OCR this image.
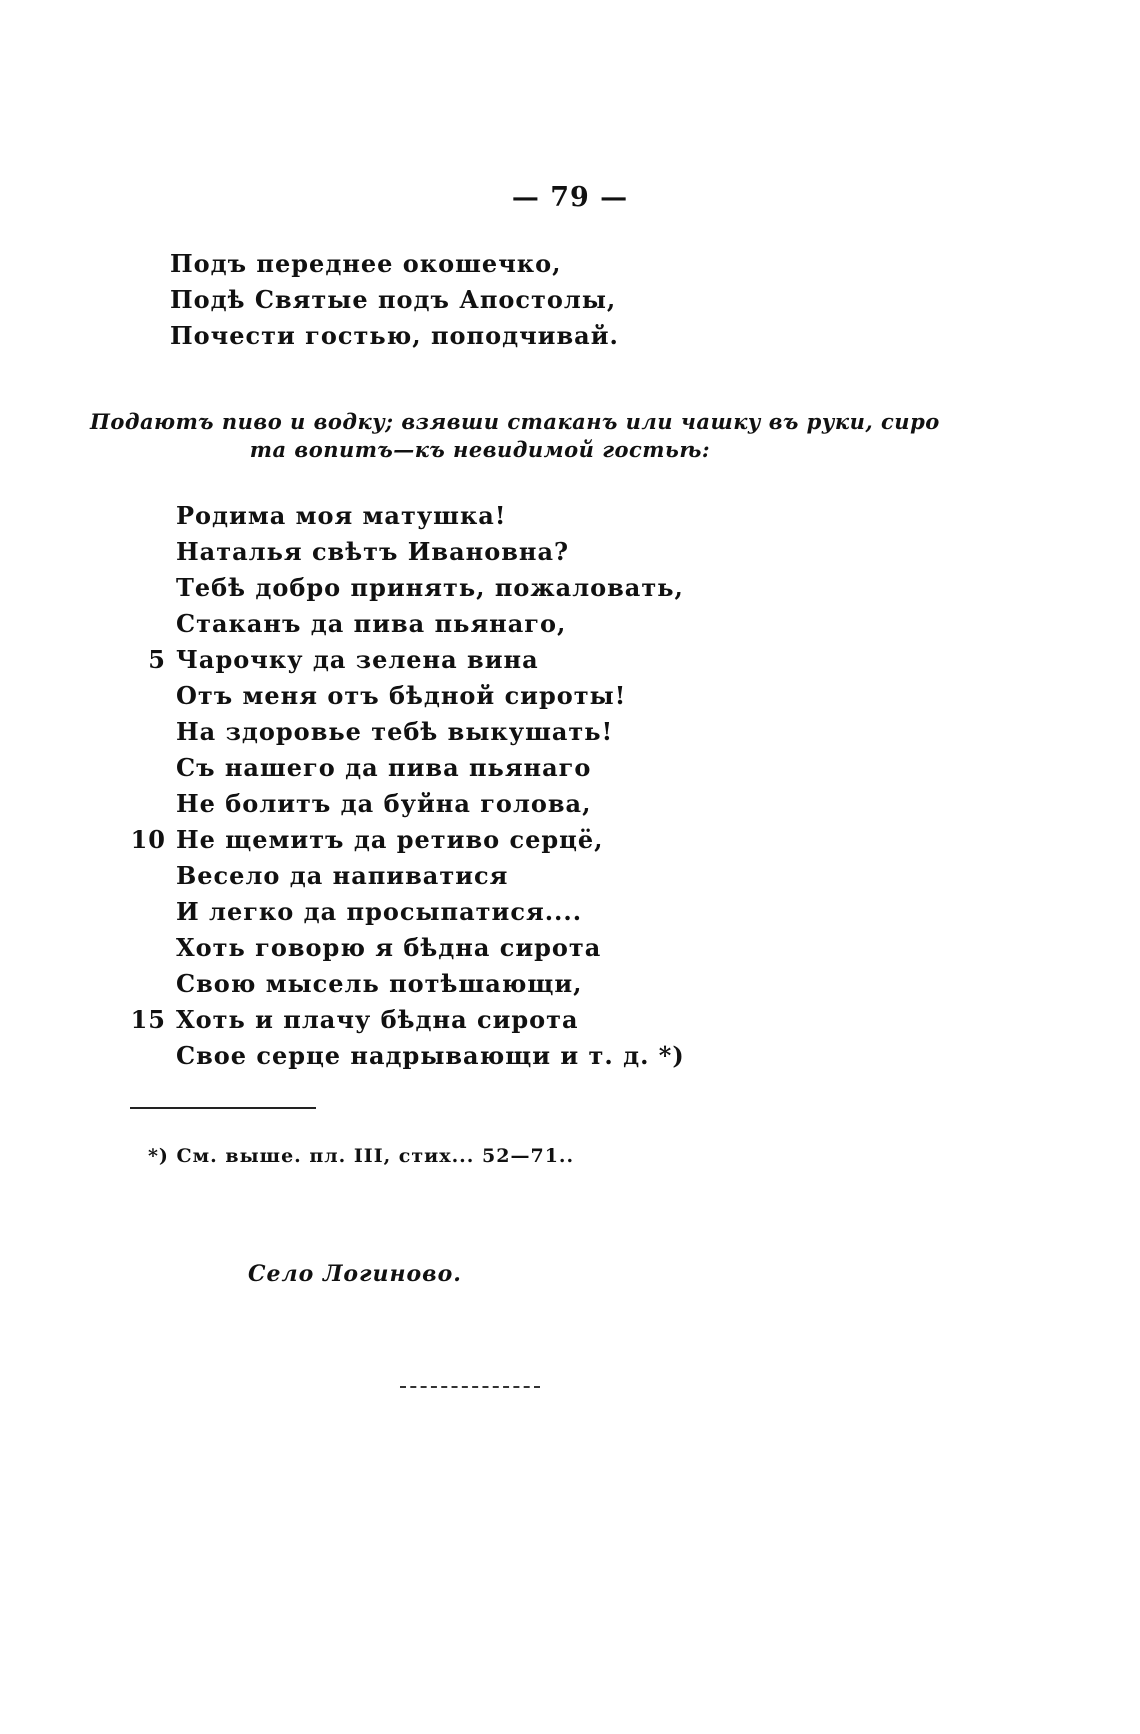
— 79 —
Подъ переднее окошечко,
Подѣ Святые подъ Апостолы,
Почести гостью, поподчивай.
Подаютъ пиво и водку; взявши стаканъ или чашку въ руки, сиро
та вопитъ—къ невидимой гостьѣ:
Родима моя матушка!
Наталья свѣтъ Ивановна?
Тебѣ добро принять, пожаловать,
Стаканъ да пива пьянаго,
5 Чарочку да зелена вина
Отъ меня отъ бѣдной сироты!
На здоровье тебѣ выкушать!
Съ нашего да пива пьянаго
Не болитъ да буйна голова,
10 Не щемитъ да ретиво серцё,
Весело да напиватися
И легко да просыпатися....
Хоть говорю я бѣдна сирота
Свою мысель потѣшающи,
15 Хоть и плачу бѣдна сирота
Свое серце надрывающи и т. д. *)
*) См. выше. пл. III, стих... 52—71..
Село Логиново.
